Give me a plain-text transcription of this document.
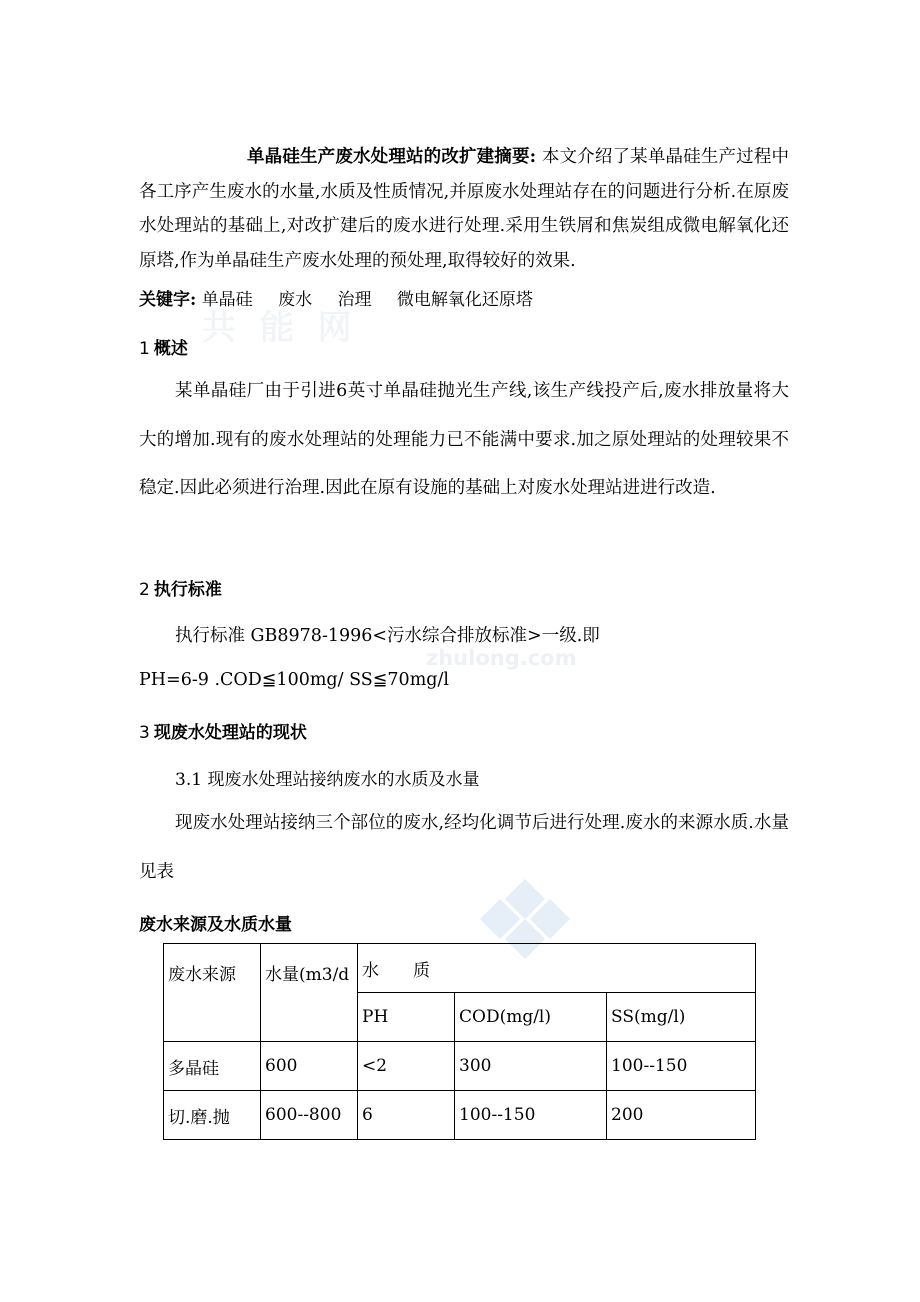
共 能 网
zhulong.com

单晶硅生产废水处理站的改扩建摘要: 本文介绍了某单晶硅生产过程中各工序产生废水的水量,水质及性质情况,并原废水处理站存在的问题进行分析.在原废水处理站的基础上,对改扩建后的废水进行处理.采用生铁屑和焦炭组成微电解氧化还原塔,作为单晶硅生产废水处理的预处理,取得较好的效果.

关键字: 单晶硅 废水 治理 微电解氧化还原塔

1 概述

某单晶硅厂由于引进6英寸单晶硅抛光生产线,该生产线投产后,废水排放量将大大的增加.现有的废水处理站的处理能力已不能满中要求.加之原处理站的处理较果不稳定.因此必须进行治理.因此在原有设施的基础上对废水处理站进进行改造.

2 执行标准

执行标准 GB8978-1996<污水综合排放标准>一级.即

PH=6-9 .COD≦100mg/ SS≦70mg/l

3 现废水处理站的现状

3.1 现废水处理站接纳废水的水质及水量

现废水处理站接纳三个部位的废水,经均化调节后进行处理.废水的来源水质.水量见表

废水来源及水质水量

废水来源	水量(m3/d	水　　质		
		PH	COD(mg/l)	SS(mg/l)
多晶硅	600	<2	300	100--150
切.磨.抛	600--800	6	100--150	200
